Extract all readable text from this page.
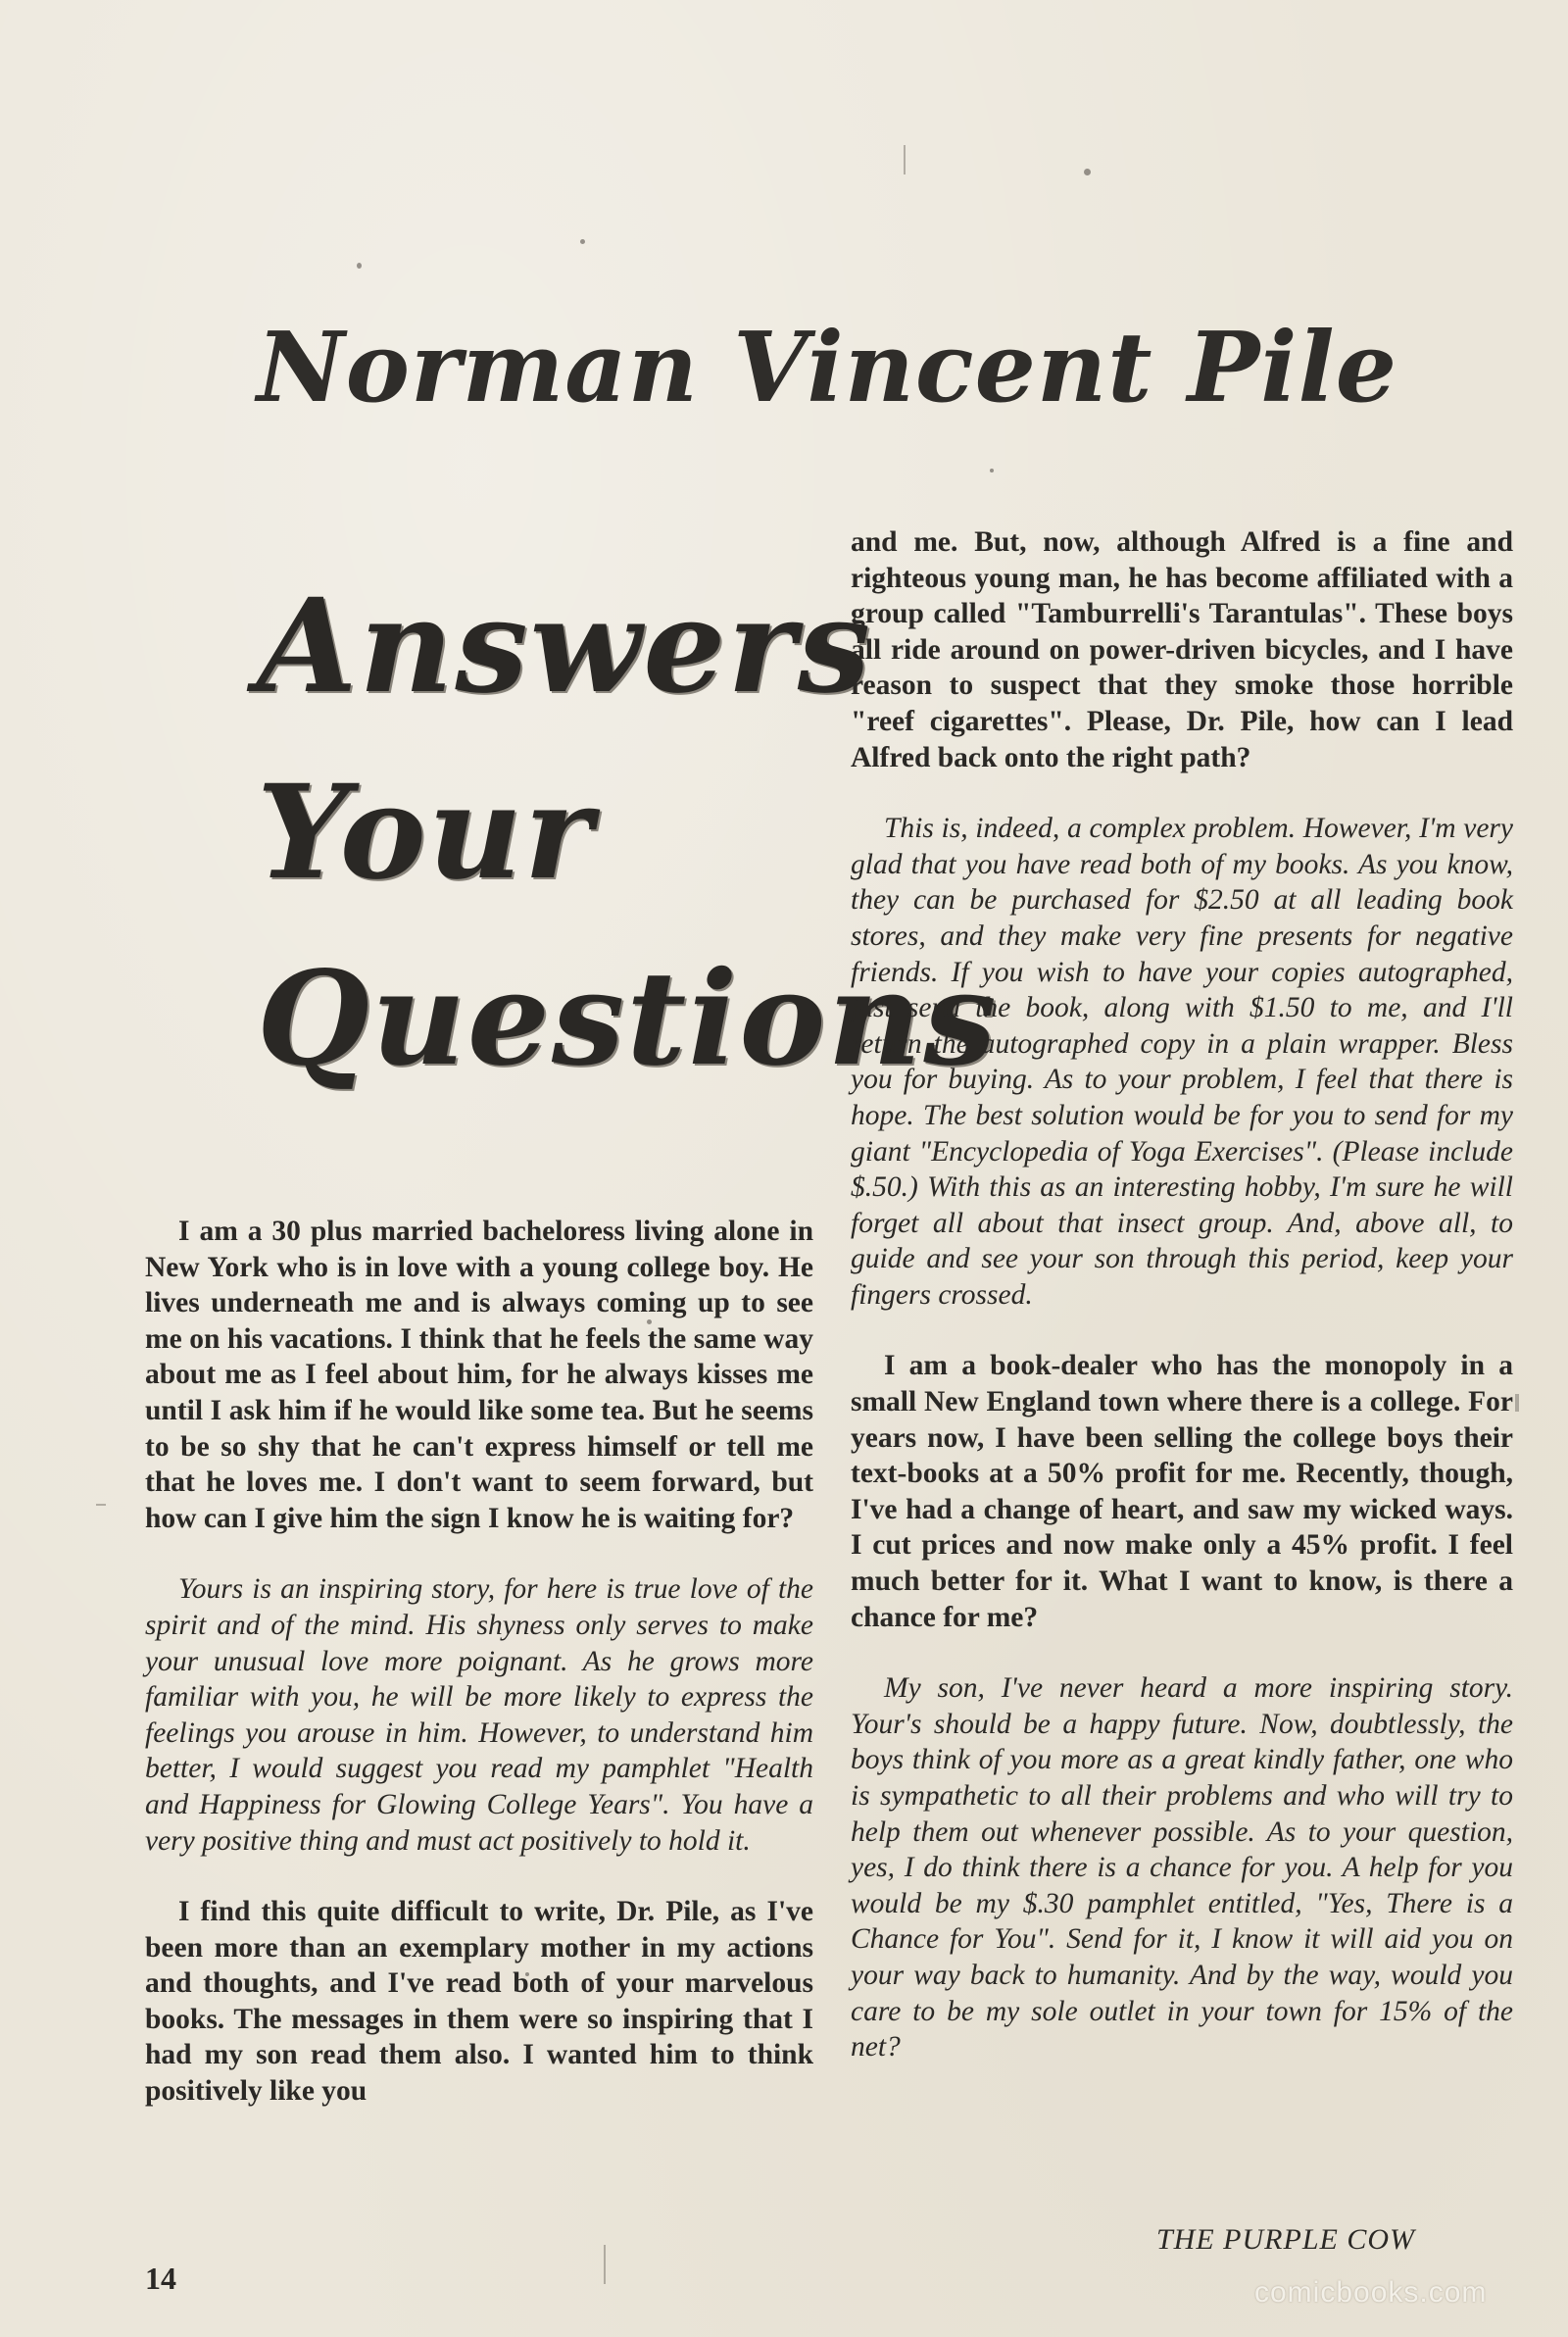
Norman Vincent Pile
Answers
Your
Questions

I am a 30 plus married bacheloress living alone in New York who is in love with a young college boy. He lives underneath me and is always coming up to see me on his vacations. I think that he feels the same way about me as I feel about him, for he always kisses me until I ask him if he would like some tea. But he seems to be so shy that he can't express himself or tell me that he loves me. I don't want to seem forward, but how can I give him the sign I know he is waiting for?

Yours is an inspiring story, for here is true love of the spirit and of the mind. His shyness only serves to make your unusual love more poignant. As he grows more familiar with you, he will be more likely to express the feelings you arouse in him. However, to understand him better, I would suggest you read my pamphlet "Health and Happiness for Glowing College Years". You have a very positive thing and must act positively to hold it.

I find this quite difficult to write, Dr. Pile, as I've been more than an exemplary mother in my actions and thoughts, and I've read both of your marvelous books. The messages in them were so inspiring that I had my son read them also. I wanted him to think positively like you

and me. But, now, although Alfred is a fine and righteous young man, he has become affiliated with a group called "Tamburrelli's Tarantulas". These boys all ride around on power-driven bicycles, and I have reason to suspect that they smoke those horrible "reef cigarettes". Please, Dr. Pile, how can I lead Alfred back onto the right path?

This is, indeed, a complex problem. However, I'm very glad that you have read both of my books. As you know, they can be purchased for $2.50 at all leading book stores, and they make very fine presents for negative friends. If you wish to have your copies autographed, just send the book, along with $1.50 to me, and I'll return the autographed copy in a plain wrapper. Bless you for buying. As to your problem, I feel that there is hope. The best solution would be for you to send for my giant "Encyclopedia of Yoga Exercises". (Please include $.50.) With this as an interesting hobby, I'm sure he will forget all about that insect group. And, above all, to guide and see your son through this period, keep your fingers crossed.

I am a book-dealer who has the monopoly in a small New England town where there is a college. For years now, I have been selling the college boys their text-books at a 50% profit for me. Recently, though, I've had a change of heart, and saw my wicked ways. I cut prices and now make only a 45% profit. I feel much better for it. What I want to know, is there a chance for me?

My son, I've never heard a more inspiring story. Your's should be a happy future. Now, doubtlessly, the boys think of you more as a great kindly father, one who is sympathetic to all their problems and who will try to help them out whenever possible. As to your question, yes, I do think there is a chance for you. A help for you would be my $.30 pamphlet entitled, "Yes, There is a Chance for You". Send for it, I know it will aid you on your way back to humanity. And by the way, would you care to be my sole outlet in your town for 15% of the net?

THE PURPLE COW
14	comicbooks.com
